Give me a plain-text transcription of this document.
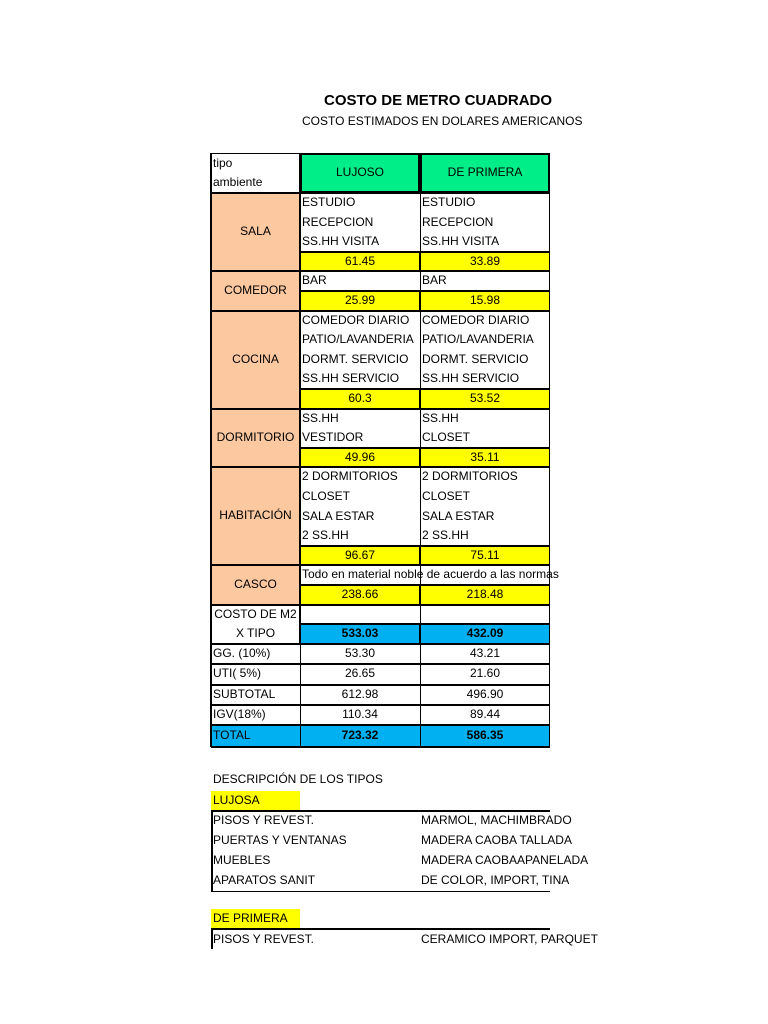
COSTO DE METRO CUADRADO
COSTO ESTIMADOS EN DOLARES AMERICANOS
tipo
ambiente
LUJOSO	DE PRIMERA
SALA
ESTUDIO	ESTUDIO
RECEPCION	RECEPCION
SS.HH VISITA	SS.HH VISITA
61.45	33.89
COMEDOR
BAR	BAR
25.99	15.98
COCINA
COMEDOR DIARIO	COMEDOR DIARIO
PATIO/LAVANDERIA PATIO/LAVANDERIA
DORMT. SERVICIO	DORMT. SERVICIO
SS.HH SERVICIO	SS.HH SERVICIO
60.3	53.52
DORMITORIO
SS.HH	SS.HH
VESTIDOR	CLOSET
49.96	35.11
HABITACIÓN
2 DORMITORIOS	2 DORMITORIOS
CLOSET	CLOSET
SALA ESTAR	SALA ESTAR
2 SS.HH	2 SS.HH
96.67	75.11
CASCO
Todo en material noble de acuerdo a las normas
238.66	218.48
COSTO DE M2
X TIPO	533.03	432.09
GG. (10%)	53.30	43.21
UTI( 5%)	26.65	21.60
SUBTOTAL	612.98	496.90
IGV(18%)	110.34	89.44
TOTAL	723.32	586.35
DESCRIPCIÓN DE LOS TIPOS
LUJOSA
PISOS Y REVEST.	MARMOL, MACHIMBRADO
PUERTAS Y VENTANAS	MADERA CAOBA TALLADA
MUEBLES	MADERA CAOBAAPANELADA
APARATOS SANIT	DE COLOR, IMPORT, TINA
DE PRIMERA
PISOS Y REVEST.	CERAMICO IMPORT, PARQUET
